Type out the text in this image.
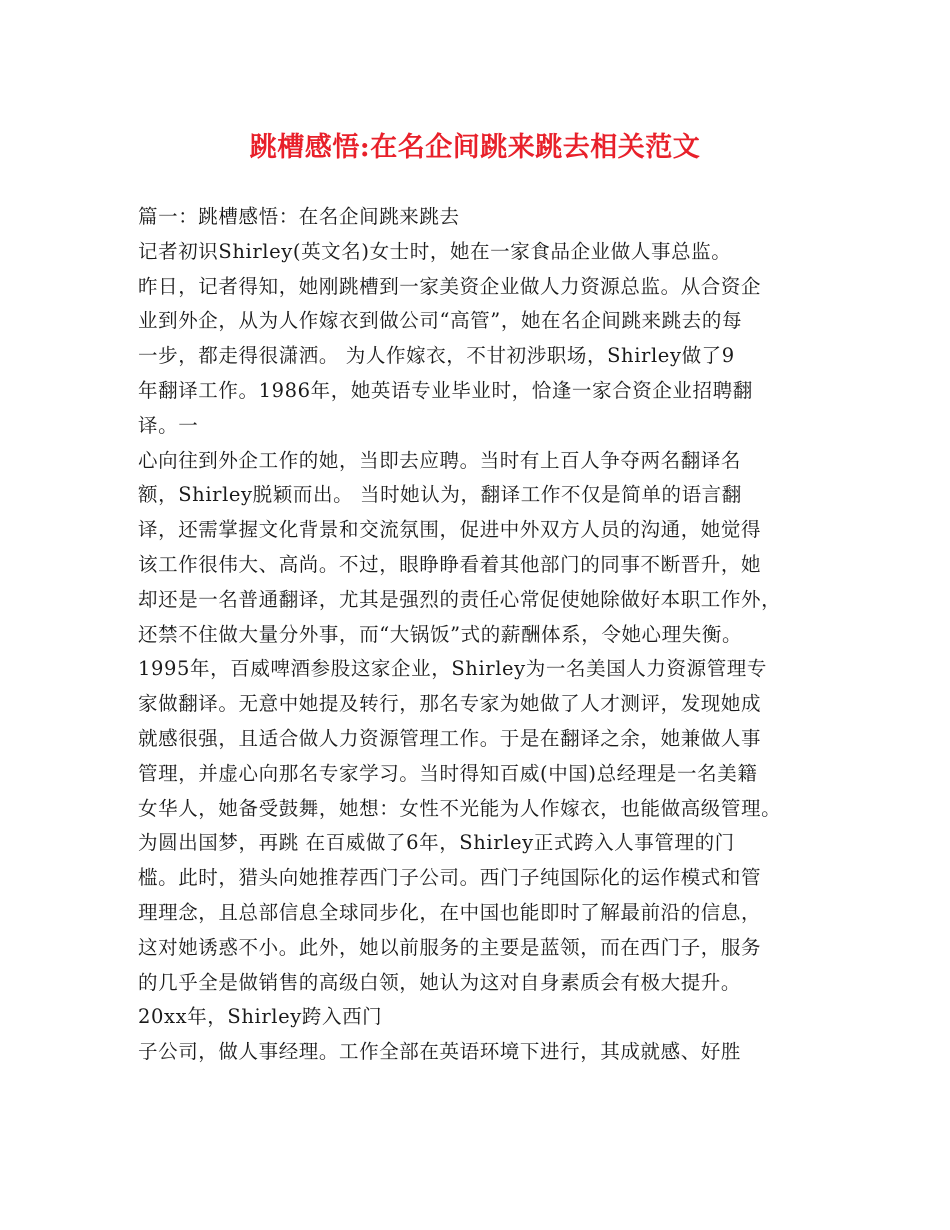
跳槽感悟:在名企间跳来跳去相关范文
篇一：跳槽感悟：在名企间跳来跳去
记者初识Shirley(英文名)女士时，她在一家食品企业做人事总监。
昨日，记者得知，她刚跳槽到一家美资企业做人力资源总监。从合资企
业到外企，从为人作嫁衣到做公司“高管”，她在名企间跳来跳去的每
一步，都走得很潇洒。 为人作嫁衣，不甘初涉职场，Shirley做了9
年翻译工作。1986年，她英语专业毕业时，恰逢一家合资企业招聘翻
译。一
心向往到外企工作的她，当即去应聘。当时有上百人争夺两名翻译名
额，Shirley脱颖而出。 当时她认为，翻译工作不仅是简单的语言翻
译，还需掌握文化背景和交流氛围，促进中外双方人员的沟通，她觉得
该工作很伟大、高尚。不过，眼睁睁看着其他部门的同事不断晋升，她
却还是一名普通翻译，尤其是强烈的责任心常促使她除做好本职工作外，
还禁不住做大量分外事，而“大锅饭”式的薪酬体系，令她心理失衡。
1995年，百威啤酒参股这家企业，Shirley为一名美国人力资源管理专
家做翻译。无意中她提及转行，那名专家为她做了人才测评，发现她成
就感很强，且适合做人力资源管理工作。于是在翻译之余，她兼做人事
管理，并虚心向那名专家学习。当时得知百威(中国)总经理是一名美籍
女华人，她备受鼓舞，她想：女性不光能为人作嫁衣，也能做高级管理。
为圆出国梦，再跳 在百威做了6年，Shirley正式跨入人事管理的门
槛。此时，猎头向她推荐西门子公司。西门子纯国际化的运作模式和管
理理念，且总部信息全球同步化，在中国也能即时了解最前沿的信息，
这对她诱惑不小。此外，她以前服务的主要是蓝领，而在西门子，服务
的几乎全是做销售的高级白领，她认为这对自身素质会有极大提升。
20xx年，Shirley跨入西门
子公司，做人事经理。工作全部在英语环境下进行，其成就感、好胜
